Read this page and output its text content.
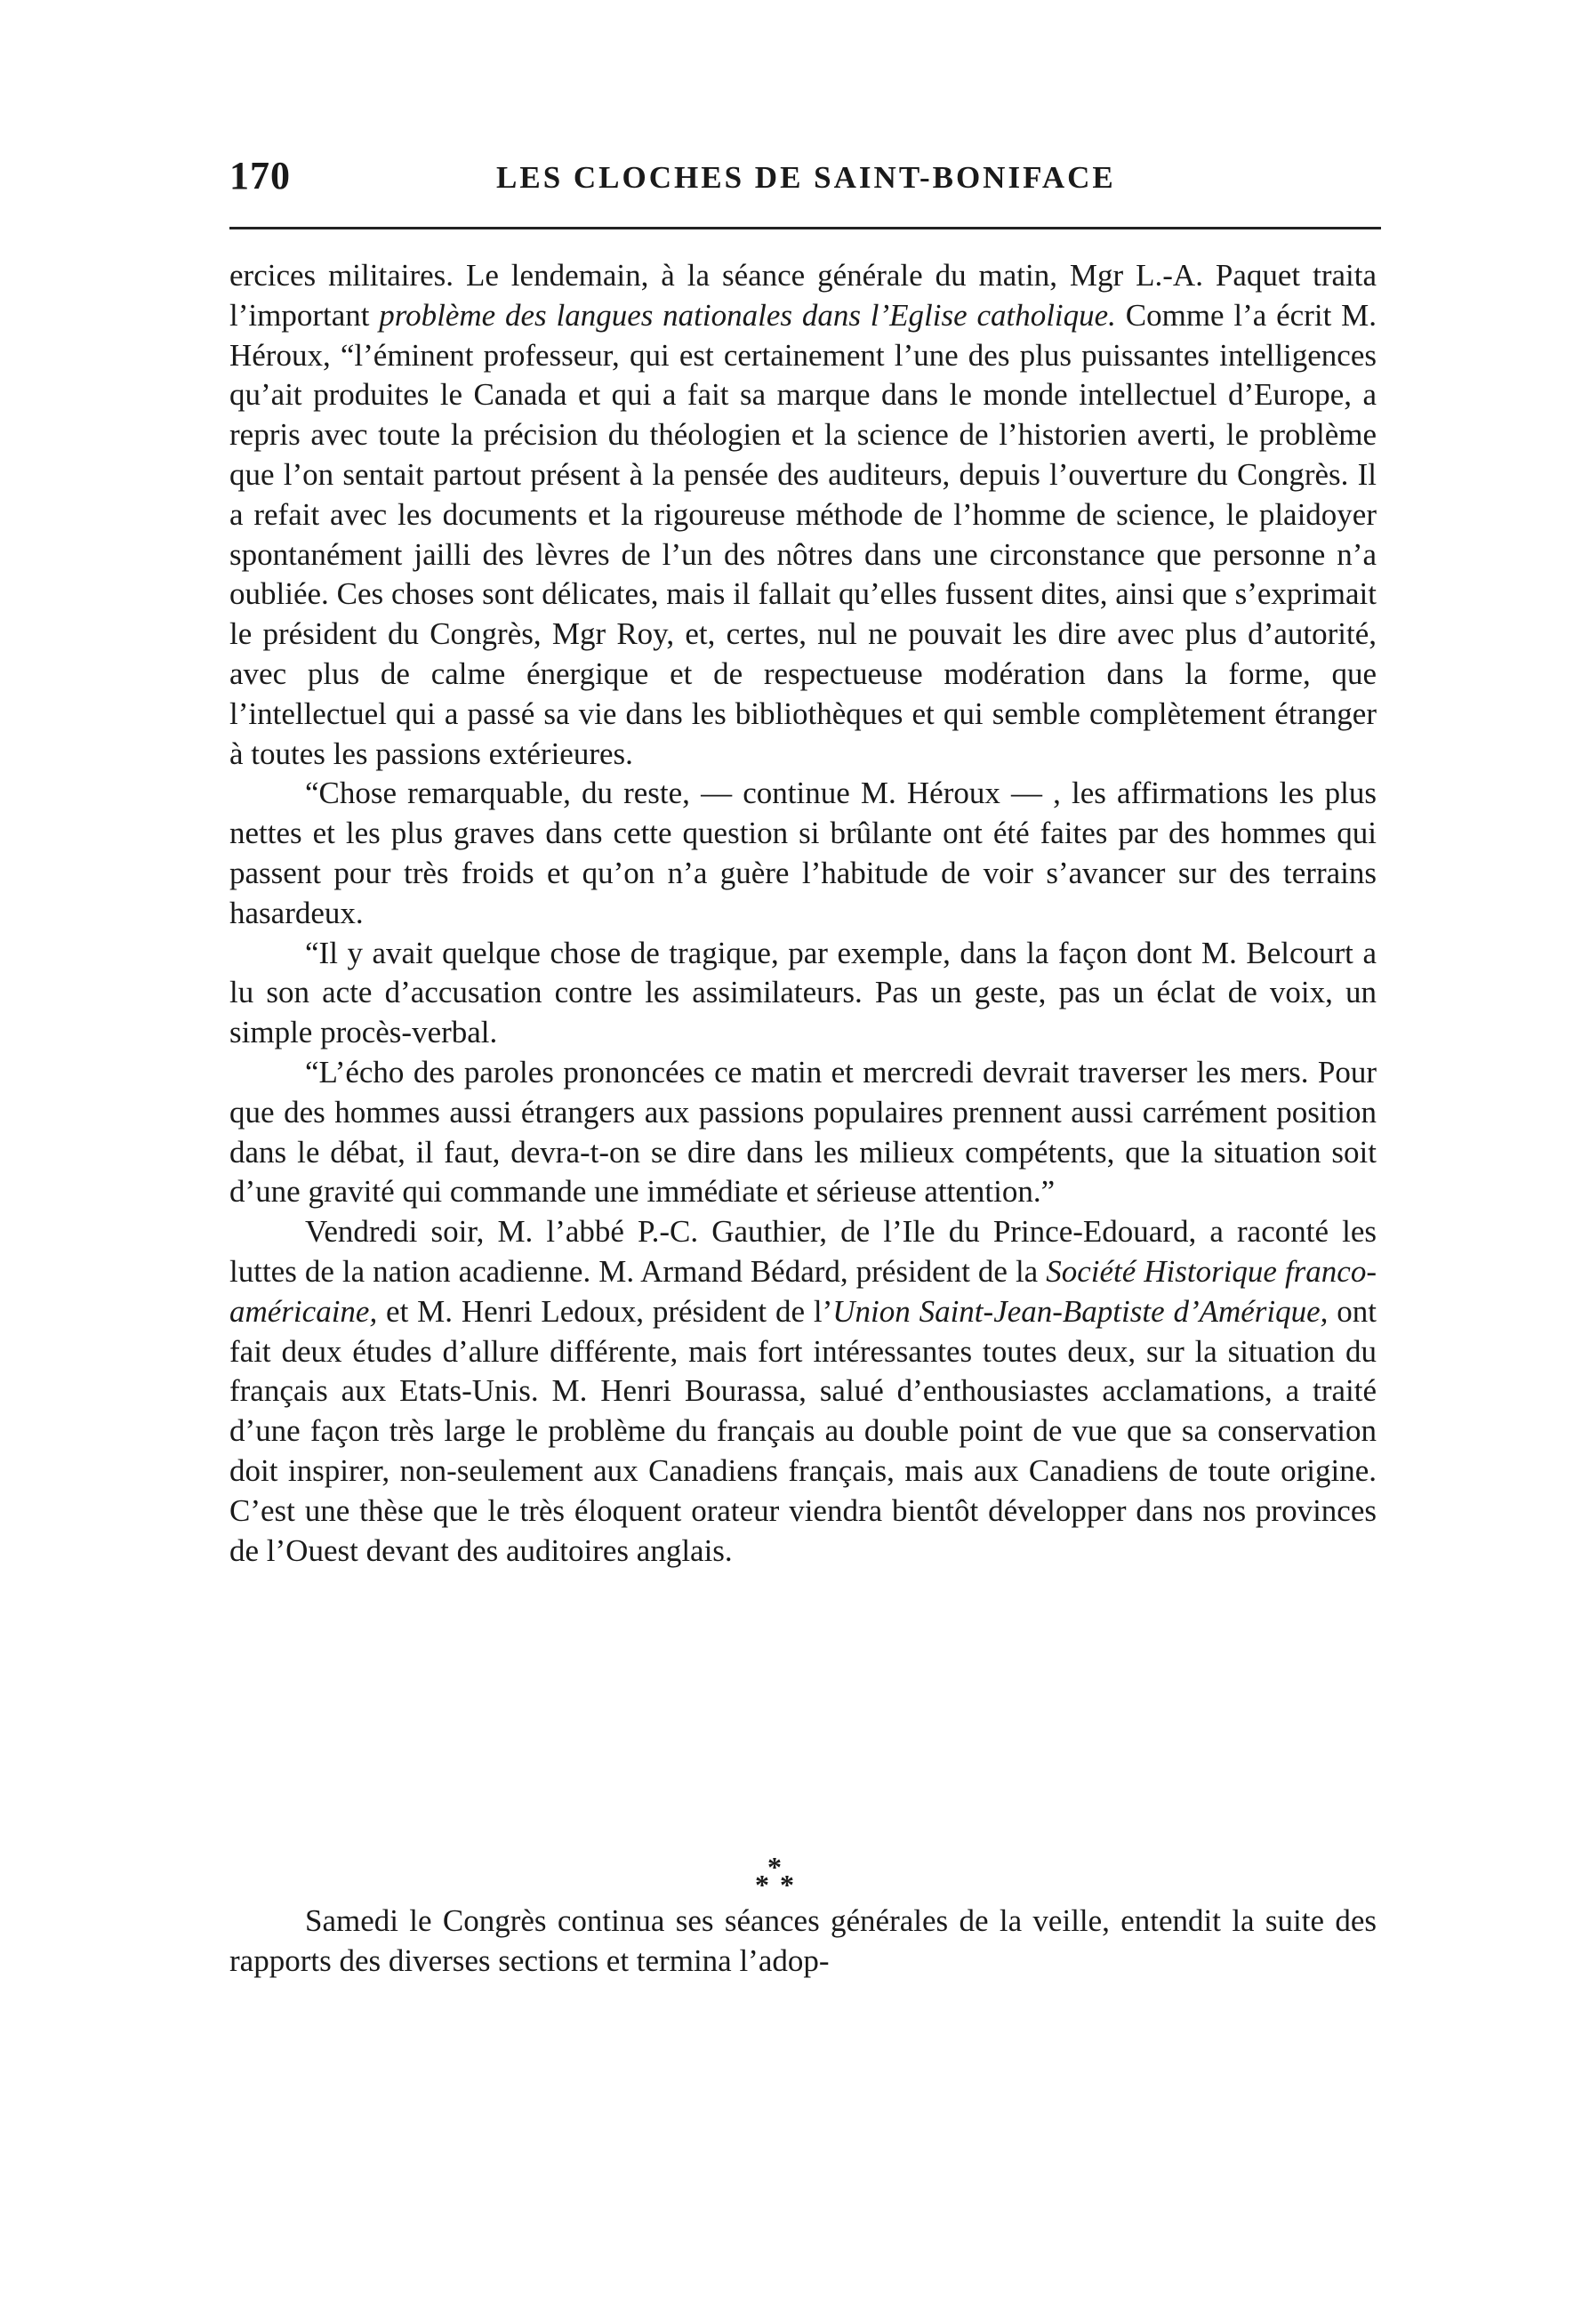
170	LES CLOCHES DE SAINT-BONIFACE

ercices militaires. Le lendemain, à la séance générale du matin, Mgr L.-A. Paquet traita l’important problème des langues nationales dans l’Eglise catholique. Comme l’a écrit M. Héroux, “l’éminent professeur, qui est certainement l’une des plus puissantes intelligences qu’ait produites le Canada et qui a fait sa marque dans le monde intellectuel d’Europe, a repris avec toute la précision du théologien et la science de l’historien averti, le problème que l’on sentait partout présent à la pensée des auditeurs, depuis l’ouverture du Congrès. Il a refait avec les documents et la rigoureuse méthode de l’homme de science, le plaidoyer spontanément jailli des lèvres de l’un des nôtres dans une circonstance que personne n’a oubliée. Ces choses sont délicates, mais il fallait qu’elles fussent dites, ainsi que s’exprimait le président du Congrès, Mgr Roy, et, certes, nul ne pouvait les dire avec plus d’autorité, avec plus de calme énergique et de respectueuse modération dans la forme, que l’intellectuel qui a passé sa vie dans les bibliothèques et qui semble complètement étranger à toutes les passions extérieures.

“Chose remarquable, du reste, — continue M. Héroux — , les affirmations les plus nettes et les plus graves dans cette question si brûlante ont été faites par des hommes qui passent pour très froids et qu’on n’a guère l’habitude de voir s’avancer sur des terrains hasardeux.

“Il y avait quelque chose de tragique, par exemple, dans la façon dont M. Belcourt a lu son acte d’accusation contre les assimilateurs. Pas un geste, pas un éclat de voix, un simple procès-verbal.

“L’écho des paroles prononcées ce matin et mercredi devrait traverser les mers. Pour que des hommes aussi étrangers aux passions populaires prennent aussi carrément position dans le débat, il faut, devra-t-on se dire dans les milieux compétents, que la situation soit d’une gravité qui commande une immédiate et sérieuse attention.”

Vendredi soir, M. l’abbé P.-C. Gauthier, de l’Ile du Prince-Edouard, a raconté les luttes de la nation acadienne. M. Armand Bédard, président de la Société Historique franco-américaine, et M. Henri Ledoux, président de l’Union Saint-Jean-Baptiste d’Amérique, ont fait deux études d’allure différente, mais fort intéressantes toutes deux, sur la situation du français aux Etats-Unis. M. Henri Bourassa, salué d’enthousiastes acclamations, a traité d’une façon très large le problème du français au double point de vue que sa conservation doit inspirer, non-seulement aux Canadiens français, mais aux Canadiens de toute origine. C’est une thèse que le très éloquent orateur viendra bientôt développer dans nos provinces de l’Ouest devant des auditoires anglais.

*
* *

Samedi le Congrès continua ses séances générales de la veille, entendit la suite des rapports des diverses sections et termina l’adop-
